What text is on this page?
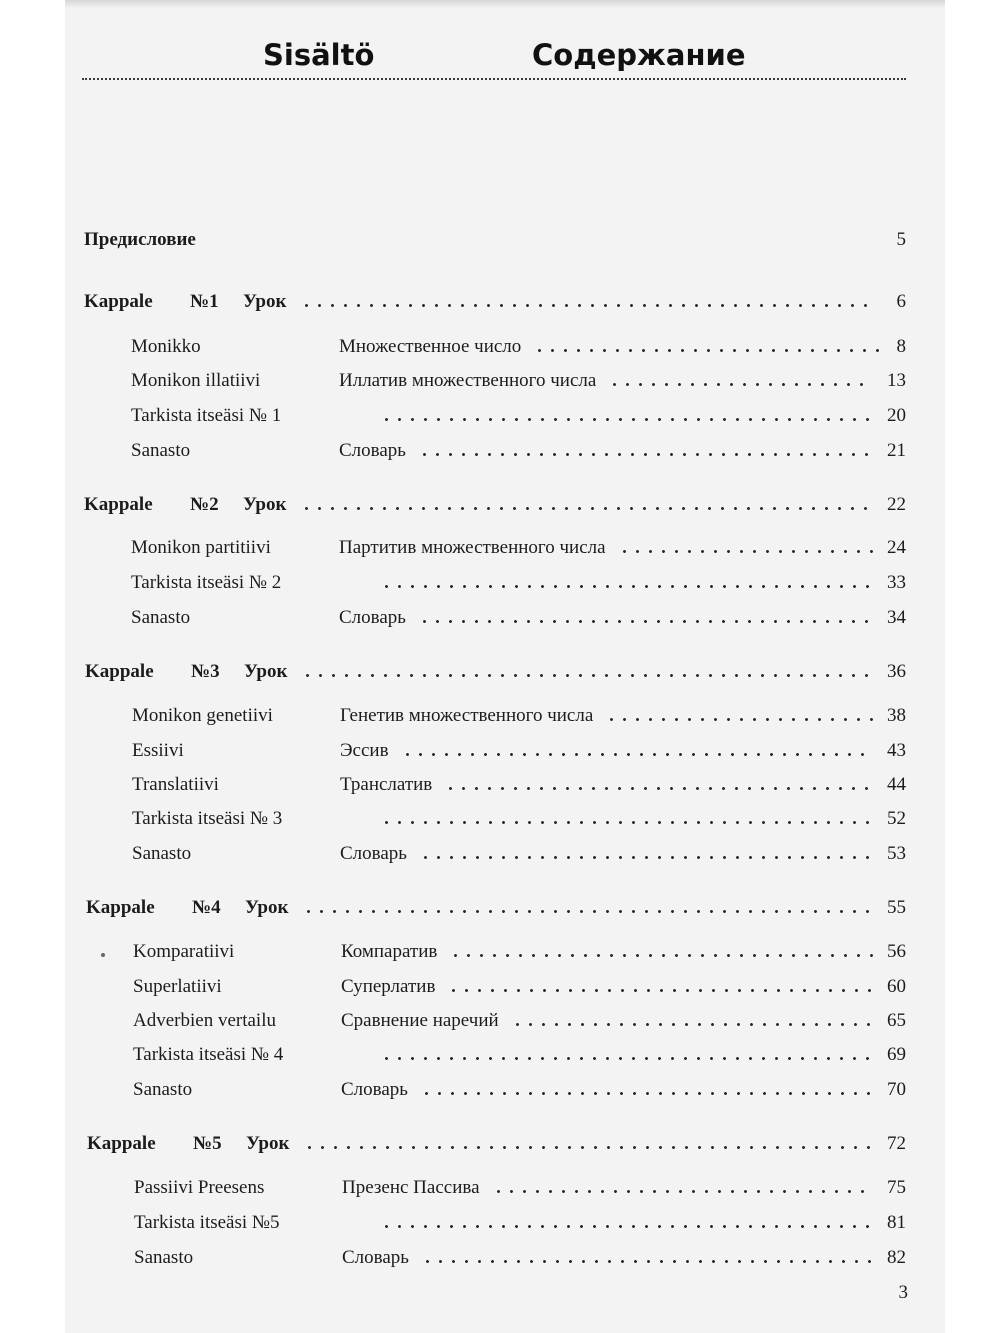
Sisältö	Содержание
Предисловие	5
Kappale №1 Урок	6
Monikko	Множественное число	8
Monikon illatiivi	Иллатив множественного числа	13
Tarkista itseäsi № 1	20
Sanasto	Словарь	21
Kappale №2 Урок	22
Monikon partitiivi	Партитив множественного числа	24
Tarkista itseäsi № 2	33
Sanasto	Словарь	34
Kappale №3 Урок	36
Monikon genetiivi	Генетив множественного числа	38
Essiivi	Эссив	43
Translatiivi	Транслатив	44
Tarkista itseäsi № 3	52
Sanasto	Словарь	53
Kappale №4 Урок	55
Komparatiivi	Компаратив	56
Superlatiivi	Суперлатив	60
Adverbien vertailu	Сравнение наречий	65
Tarkista itseäsi № 4	69
Sanasto	Словарь	70
Kappale №5 Урок	72
Passiivi Preesens	Презенс Пассива	75
Tarkista itseäsi №5	81
Sanasto	Словарь	82
3
